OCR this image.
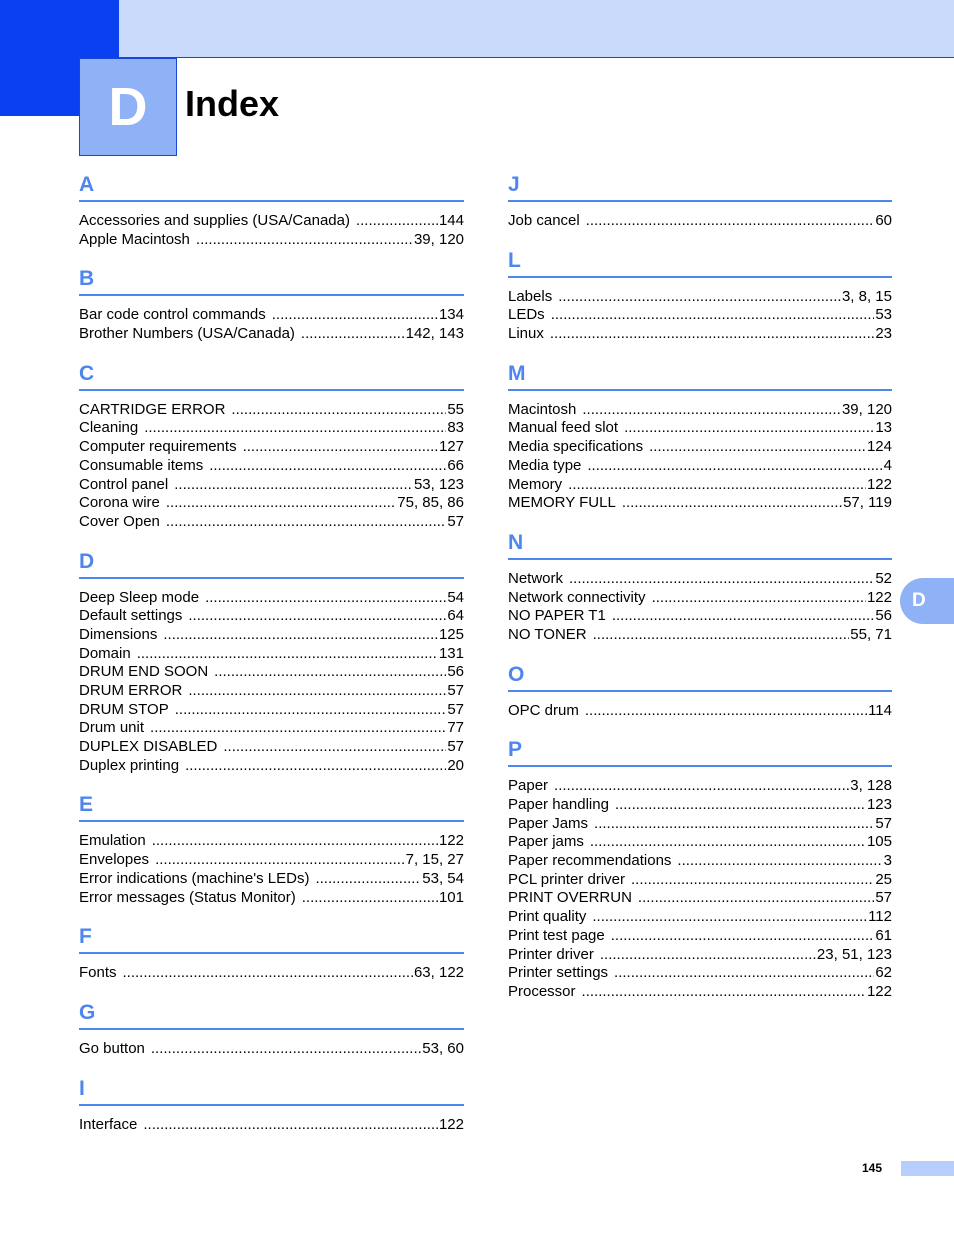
D	Index
A
Accessories and supplies (USA/Canada) .....	144
Apple Macintosh .....	39, 120
B
Bar code control commands .....	134
Brother Numbers (USA/Canada) .....	142, 143
C
CARTRIDGE ERROR .....	55
Cleaning .....	83
Computer requirements .....	127
Consumable items .....	66
Control panel .....	53, 123
Corona wire .....	75, 85, 86
Cover Open .....	57
D
Deep Sleep mode .....	54
Default settings .....	64
Dimensions .....	125
Domain .....	131
DRUM END SOON .....	56
DRUM ERROR .....	57
DRUM STOP .....	57
Drum unit .....	77
DUPLEX DISABLED .....	57
Duplex printing .....	20
E
Emulation .....	122
Envelopes .....	7, 15, 27
Error indications (machine's LEDs) .....	53, 54
Error messages (Status Monitor) .....	101
F
Fonts .....	63, 122
G
Go button .....	53, 60
I
Interface .....	122
J
Job cancel .....	60
L
Labels .....	3, 8, 15
LEDs .....	53
Linux .....	23
M
Macintosh .....	39, 120
Manual feed slot .....	13
Media specifications .....	124
Media type .....	4
Memory .....	122
MEMORY FULL .....	57, 119
N
Network .....	52
Network connectivity .....	122
NO PAPER T1 .....	56
NO TONER .....	55, 71
O
OPC drum .....	114
P
Paper .....	3, 128
Paper handling .....	123
Paper Jams .....	57
Paper jams .....	105
Paper recommendations .....	3
PCL printer driver .....	25
PRINT OVERRUN .....	57
Print quality .....	112
Print test page .....	61
Printer driver .....	23, 51, 123
Printer settings .....	62
Processor .....	122
D
145
